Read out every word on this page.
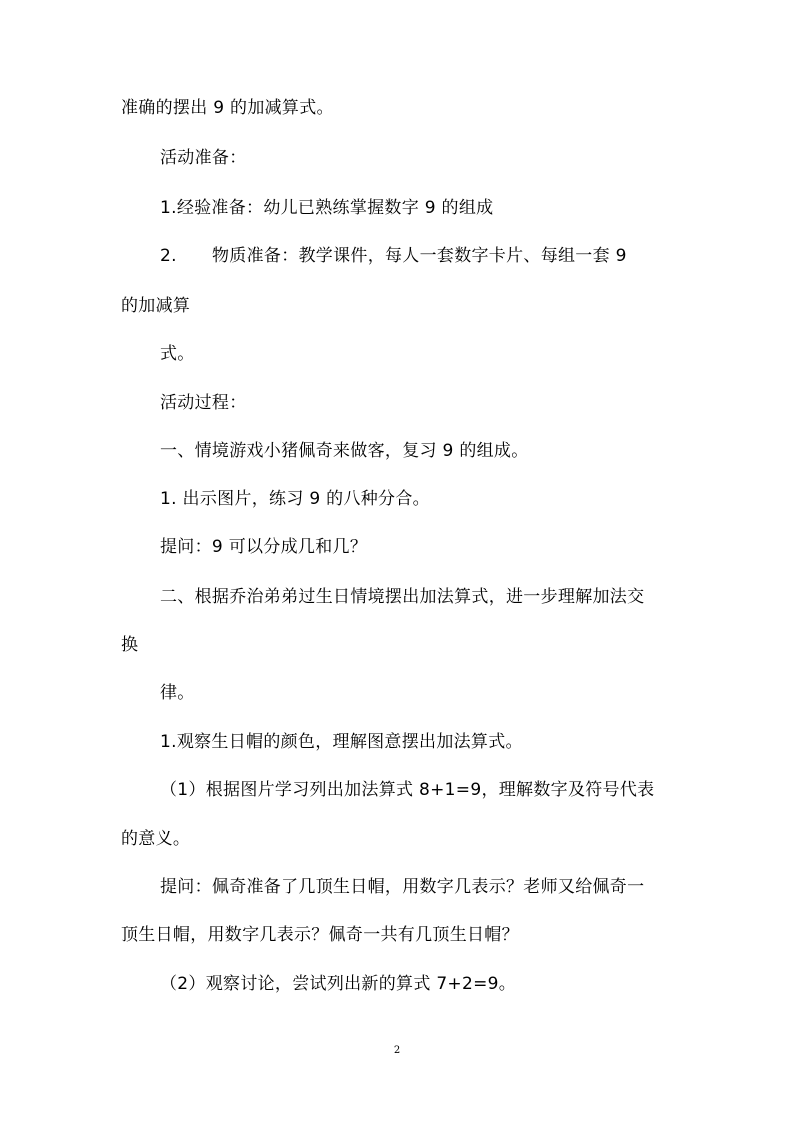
准确的摆出 9 的加减算式。
活动准备：
1.经验准备：幼儿已熟练掌握数字 9 的组成
2. 物质准备：教学课件，每人一套数字卡片、每组一套 9
的加减算
式。
活动过程：
一、情境游戏小猪佩奇来做客，复习 9 的组成。
1. 出示图片，练习 9 的八种分合。
提问：9 可以分成几和几？
二、根据乔治弟弟过生日情境摆出加法算式，进一步理解加法交
换
律。
1.观察生日帽的颜色，理解图意摆出加法算式。
（1）根据图片学习列出加法算式 8+1=9，理解数字及符号代表
的意义。
提问：佩奇准备了几顶生日帽，用数字几表示？老师又给佩奇一
顶生日帽，用数字几表示？佩奇一共有几顶生日帽？
（2）观察讨论，尝试列出新的算式 7+2=9。
2
